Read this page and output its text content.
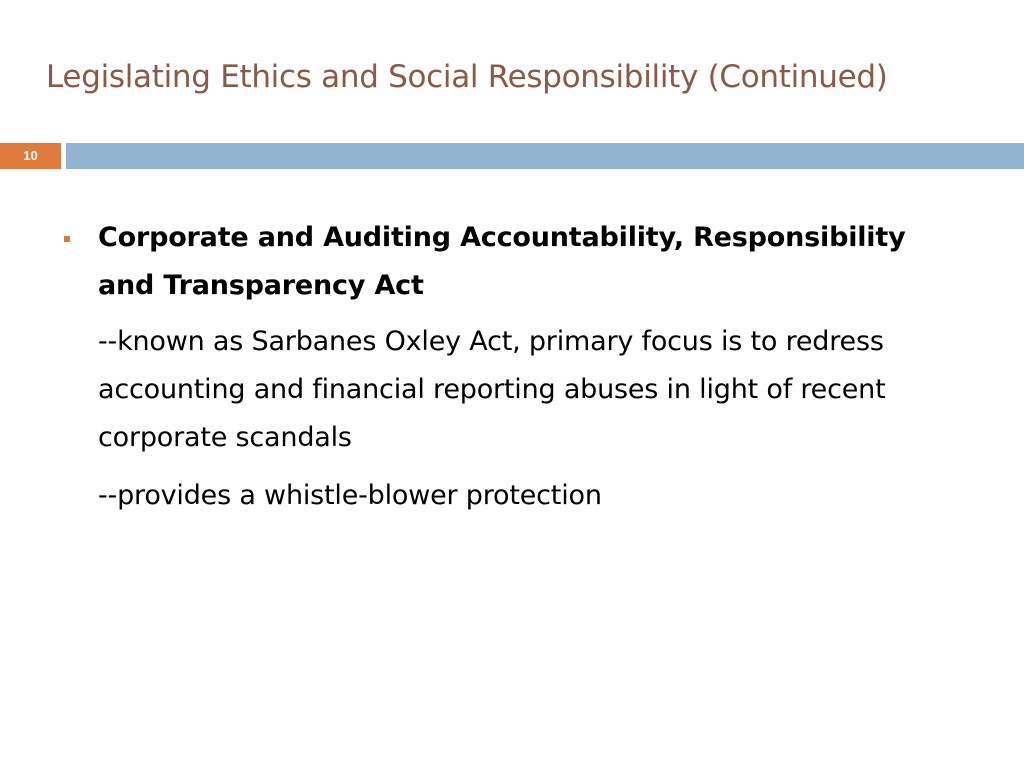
Legislating Ethics and Social Responsibility (Continued)
10

Corporate and Auditing Accountability, Responsibility and Transparency Act

--known as Sarbanes Oxley Act, primary focus is to redress accounting and financial reporting abuses in light of recent corporate scandals

--provides a whistle-blower protection
